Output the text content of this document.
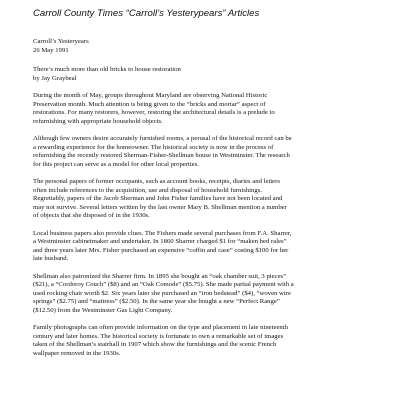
Carroll County Times “Carroll’s Yesterypears” Articles

Carroll’s Yesteryears

26 May 1991

There’s much more than old bricks to house restoration

by Jay Graybeal

During the month of May, groups throughout Maryland are observing National Historic
Preservation month. Much attention is being given to the “bricks and mortar” aspect of
restorations. For many restorers, however, restoring the architectural details is a prelude to
refurnishing with appropriate household objects.

Although few owners desire accurately furnished rooms, a perusal of the historical record can be
a rewarding experience for the homeowner. The historical society is now in the process of
refurnishing the recently restored Sherman-Fisher-Shellman house in Westminster. The research
for this project can serve as a model for other local properties.

The personal papers of former occupants, such as account books, receipts, diaries and letters
often include references to the acquisition, use and disposal of household furnishings.
Regrettably, papers of the Jacob Sherman and John Fisher families have not been located and
may not survive. Several letters written by the last owner Mary B. Shellman mention a number
of objects that she disposed of in the 1930s.

Local business papers also provide clues. The Fishers made several purchases from F.A. Sharrer,
a Westminster cabinetmaker and undertaker. In 1860 Sharrer charged $1 for “maken bed rales”
and three years later Mrs. Fisher purchased an expensive “coffin and case” costing $100 for her
late husband.

Shellman also patronized the Sharrer firm. In 1895 she bought an “oak chamber suit, 3 pieces”
($21), a “Cordoroy Couch” ($8) and an “Oak Comode” ($5.75). She made partial payment with a
used rocking chair worth $2. Six years later she purchased an “iron bedstead” ($4), “woven wire
springs” ($2.75) and “mattress” ($2.50). In the same year she bought a new “Perfect Range”
($12.50) from the Westminster Gas Light Company.

Family photographs can often provide information on the type and placement in late nineteenth
century and later homes. The historical society is fortunate to own a remarkable set of images
taken of the Shellman’s stairhall in 1907 which show the furnishings and the scenic French
wallpaper removed in the 1930s.
